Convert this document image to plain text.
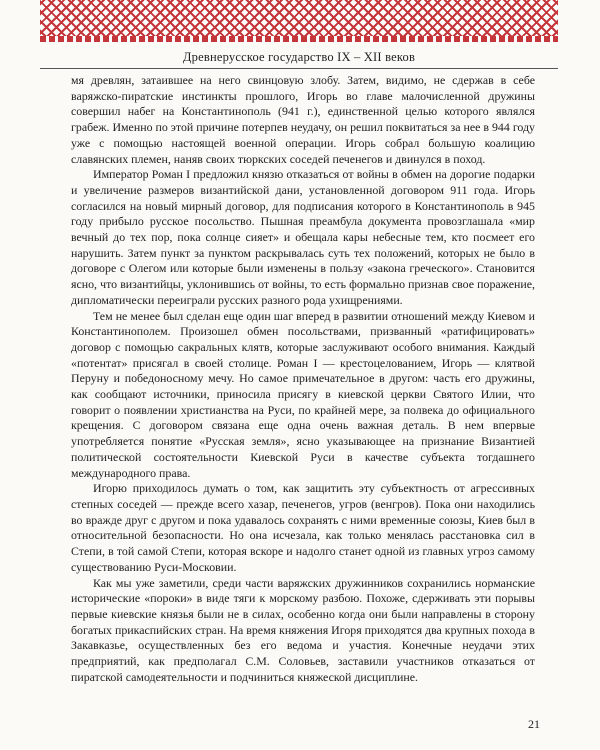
Древнерусское государство IX – XII веков

мя древлян, затаившее на него свинцовую злобу. Затем, видимо, не сдержав в себе варяжско-пиратские инстинкты прошлого, Игорь во главе малочисленной дружины совершил набег на Константинополь (941 г.), единственной целью которого являлся грабеж. Именно по этой причине потерпев неудачу, он решил поквитаться за нее в 944 году уже с помощью настоящей военной операции. Игорь собрал большую коалицию славянских племен, наняв своих тюркских соседей печенегов и двинулся в поход.

Император Роман I предложил князю отказаться от войны в обмен на дорогие подарки и увеличение размеров византийской дани, установленной договором 911 года. Игорь согласился на новый мирный договор, для подписания которого в Константинополь в 945 году прибыло русское посольство. Пышная преамбула документа провозглашала «мир вечный до тех пор, пока солнце сияет» и обещала кары небесные тем, кто посмеет его нарушить. Затем пункт за пунктом раскрывалась суть тех положений, которых не было в договоре с Олегом или которые были изменены в пользу «закона греческого». Становится ясно, что византийцы, уклонившись от войны, то есть формально признав свое поражение, дипломатически переиграли русских разного рода ухищрениями.

Тем не менее был сделан еще один шаг вперед в развитии отношений между Киевом и Константинополем. Произошел обмен посольствами, призванный «ратифицировать» договор с помощью сакральных клятв, которые заслуживают особого внимания. Каждый «потентат» присягал в своей столице. Роман I — крестоцелованием, Игорь — клятвой Перуну и победоносному мечу. Но самое примечательное в другом: часть его дружины, как сообщают источники, приносила присягу в киевской церкви Святого Илии, что говорит о появлении христианства на Руси, по крайней мере, за полвека до официального крещения. С договором связана еще одна очень важная деталь. В нем впервые употребляется понятие «Русская земля», ясно указывающее на признание Византией политической состоятельности Киевской Руси в качестве субъекта тогдашнего международного права.

Игорю приходилось думать о том, как защитить эту субъектность от агрессивных степных соседей — прежде всего хазар, печенегов, угров (венгров). Пока они находились во вражде друг с другом и пока удавалось сохранять с ними временные союзы, Киев был в относительной безопасности. Но она исчезала, как только менялась расстановка сил в Степи, в той самой Степи, которая вскоре и надолго станет одной из главных угроз самому существованию Руси-Московии.

Как мы уже заметили, среди части варяжских дружинников сохранились норманские исторические «пороки» в виде тяги к морскому разбою. Похоже, сдерживать эти порывы первые киевские князья были не в силах, особенно когда они были направлены в сторону богатых прикаспийских стран. На время княжения Игоря приходятся два крупных похода в Закавказье, осуществленных без его ведома и участия. Конечные неудачи этих предприятий, как предполагал С.М. Соловьев, заставили участников отказаться от пиратской самодеятельности и подчиниться княжеской дисциплине.

21
